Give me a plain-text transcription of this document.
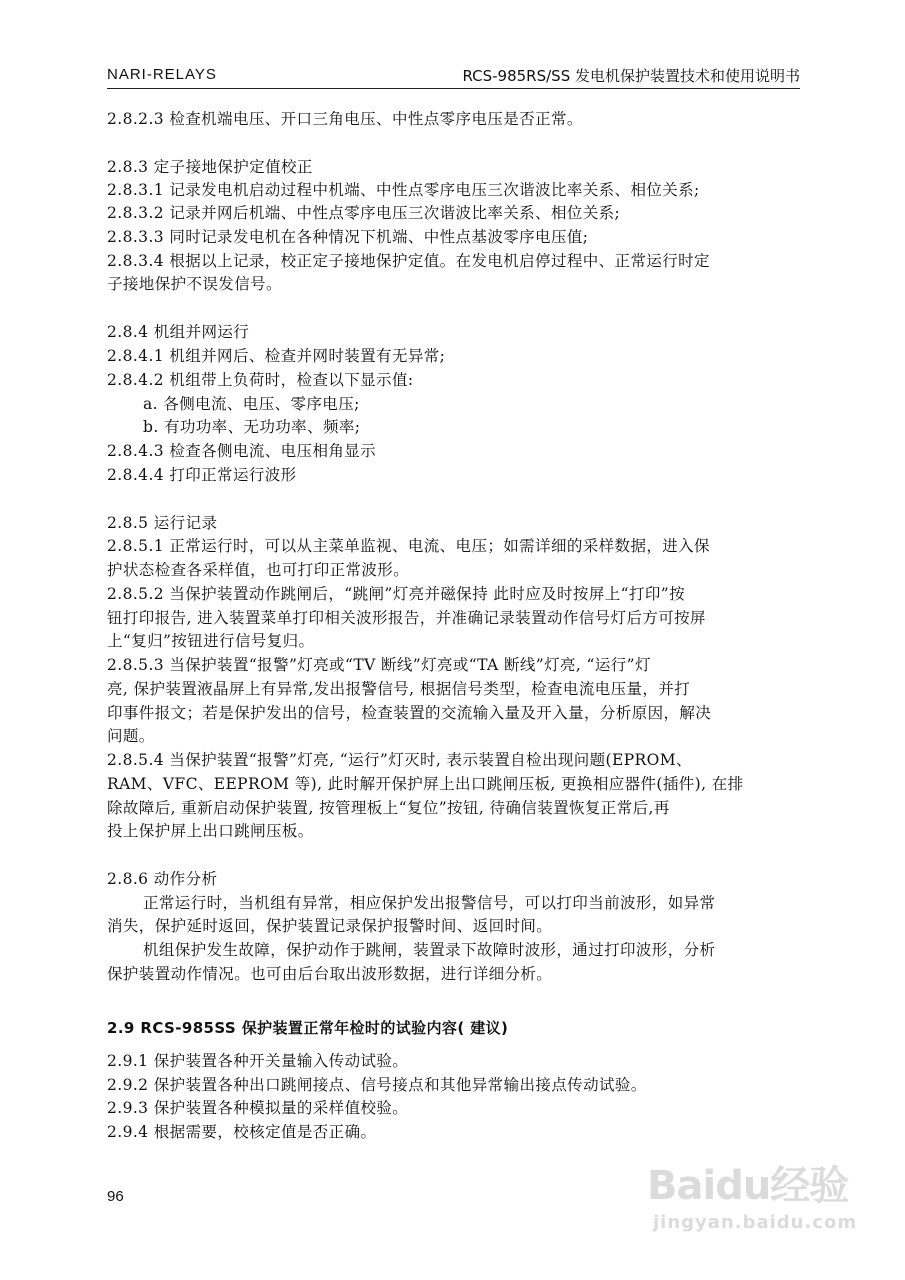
NARI-RELAYS	RCS-985RS/SS 发电机保护装置技术和使用说明书
2.8.2.3 检查机端电压、开口三角电压、中性点零序电压是否正常。
2.8.3 定子接地保护定值校正
2.8.3.1 记录发电机启动过程中机端、中性点零序电压三次谐波比率关系、相位关系;
2.8.3.2 记录并网后机端、中性点零序电压三次谐波比率关系、相位关系;
2.8.3.3 同时记录发电机在各种情况下机端、中性点基波零序电压值;
2.8.3.4 根据以上记录，校正定子接地保护定值。在发电机启停过程中、正常运行时定
子接地保护不误发信号。
2.8.4 机组并网运行
2.8.4.1 机组并网后、检查并网时装置有无异常;
2.8.4.2 机组带上负荷时，检查以下显示值:
a. 各侧电流、电压、零序电压;
b. 有功功率、无功功率、频率;
2.8.4.3 检查各侧电流、电压相角显示
2.8.4.4 打印正常运行波形
2.8.5 运行记录
2.8.5.1 正常运行时，可以从主菜单监视、电流、电压；如需详细的采样数据，进入保
护状态检查各采样值，也可打印正常波形。
2.8.5.2 当保护装置动作跳闸后，“跳闸”灯亮并磁保持 此时应及时按屏上“打印”按
钮打印报告, 进入装置菜单打印相关波形报告，并准确记录装置动作信号灯后方可按屏
上“复归”按钮进行信号复归。
2.8.5.3 当保护装置“报警”灯亮或“TV 断线”灯亮或“TA 断线”灯亮, “运行”灯
亮, 保护装置液晶屏上有异常,发出报警信号, 根据信号类型，检查电流电压量，并打
印事件报文；若是保护发出的信号，检查装置的交流输入量及开入量，分析原因，解决
问题。
2.8.5.4 当保护装置“报警”灯亮, “运行”灯灭时, 表示装置自检出现问题(EPROM、
RAM、VFC、EEPROM 等), 此时解开保护屏上出口跳闸压板, 更换相应器件(插件), 在排
除故障后, 重新启动保护装置, 按管理板上“复位”按钮, 待确信装置恢复正常后,再
投上保护屏上出口跳闸压板。
2.8.6 动作分析
正常运行时，当机组有异常，相应保护发出报警信号，可以打印当前波形，如异常
消失，保护延时返回，保护装置记录保护报警时间、返回时间。
机组保护发生故障，保护动作于跳闸，装置录下故障时波形，通过打印波形，分析
保护装置动作情况。也可由后台取出波形数据，进行详细分析。
2.9 RCS-985SS 保护装置正常年检时的试验内容( 建议)
2.9.1 保护装置各种开关量输入传动试验。
2.9.2 保护装置各种出口跳闸接点、信号接点和其他异常输出接点传动试验。
2.9.3 保护装置各种模拟量的采样值校验。
2.9.4 根据需要，校核定值是否正确。
96	Baidu经验
jingyan.baidu.com
